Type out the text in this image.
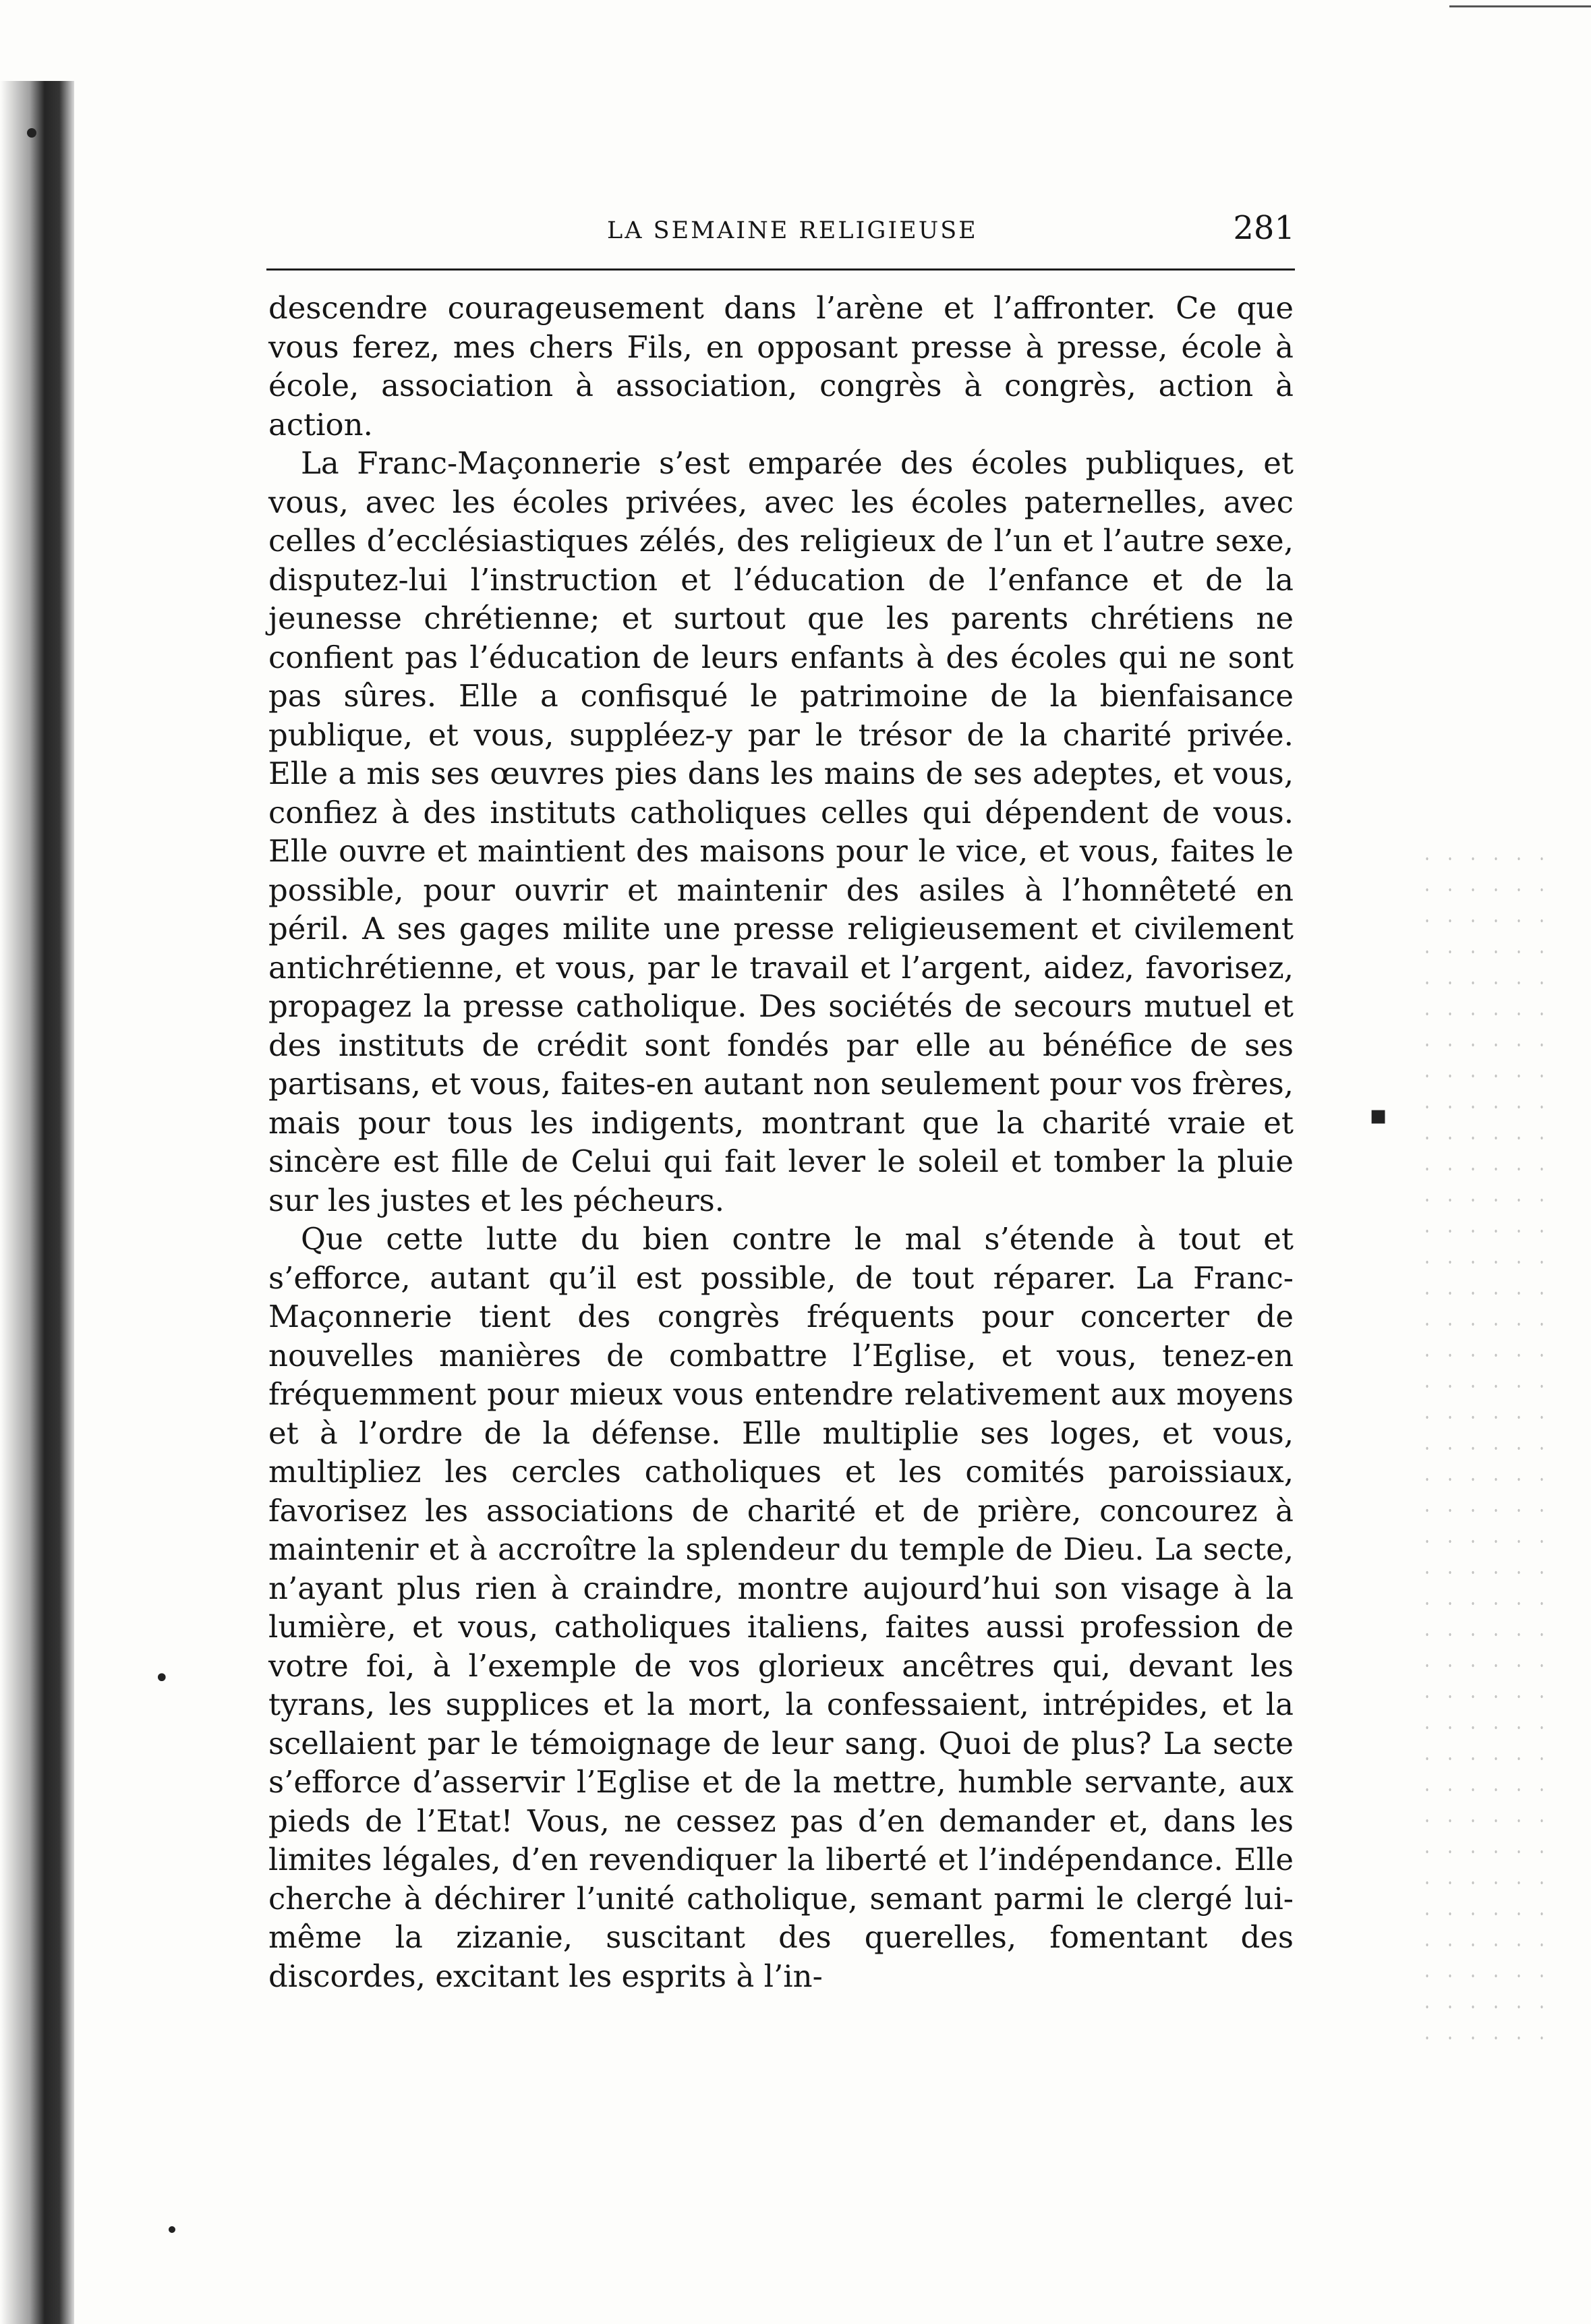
LA SEMAINE RELIGIEUSE	281

descendre courageusement dans l’arène et l’affronter. Ce que vous ferez, mes chers Fils, en opposant presse à presse, école à école, association à association, congrès à congrès, action à action.

La Franc-Maçonnerie s’est emparée des écoles publiques, et vous, avec les écoles privées, avec les écoles paternelles, avec celles d’ecclésiastiques zélés, des religieux de l’un et l’autre sexe, disputez-lui l’instruction et l’éducation de l’enfance et de la jeunesse chrétienne; et surtout que les parents chrétiens ne confient pas l’éducation de leurs enfants à des écoles qui ne sont pas sûres. Elle a confisqué le patrimoine de la bienfaisance publique, et vous, suppléez-y par le trésor de la charité privée. Elle a mis ses œuvres pies dans les mains de ses adeptes, et vous, confiez à des instituts catholiques celles qui dépendent de vous. Elle ouvre et maintient des maisons pour le vice, et vous, faites le possible, pour ouvrir et maintenir des asiles à l’honnêteté en péril. A ses gages milite une presse religieusement et civilement antichrétienne, et vous, par le travail et l’argent, aidez, favorisez, propagez la presse catholique. Des sociétés de secours mutuel et des instituts de crédit sont fondés par elle au bénéfice de ses partisans, et vous, faites-en autant non seulement pour vos frères, mais pour tous les indigents, montrant que la charité vraie et sincère est fille de Celui qui fait lever le soleil et tomber la pluie sur les justes et les pécheurs.

Que cette lutte du bien contre le mal s’étende à tout et s’efforce, autant qu’il est possible, de tout réparer. La Franc-Maçonnerie tient des congrès fréquents pour concerter de nouvelles manières de combattre l’Eglise, et vous, tenez-en fréquemment pour mieux vous entendre relativement aux moyens et à l’ordre de la défense. Elle multiplie ses loges, et vous, multipliez les cercles catholiques et les comités paroissiaux, favorisez les associations de charité et de prière, concourez à maintenir et à accroître la splendeur du temple de Dieu. La secte, n’ayant plus rien à craindre, montre aujourd’hui son visage à la lumière, et vous, catholiques italiens, faites aussi profession de votre foi, à l’exemple de vos glorieux ancêtres qui, devant les tyrans, les supplices et la mort, la confessaient, intrépides, et la scellaient par le témoignage de leur sang. Quoi de plus? La secte s’efforce d’asservir l’Eglise et de la mettre, humble servante, aux pieds de l’Etat! Vous, ne cessez pas d’en demander et, dans les limites légales, d’en revendiquer la liberté et l’indépendance. Elle cherche à déchirer l’unité catholique, semant parmi le clergé lui-même la zizanie, suscitant des querelles, fomentant des discordes, excitant les esprits à l’in-

▪
•
